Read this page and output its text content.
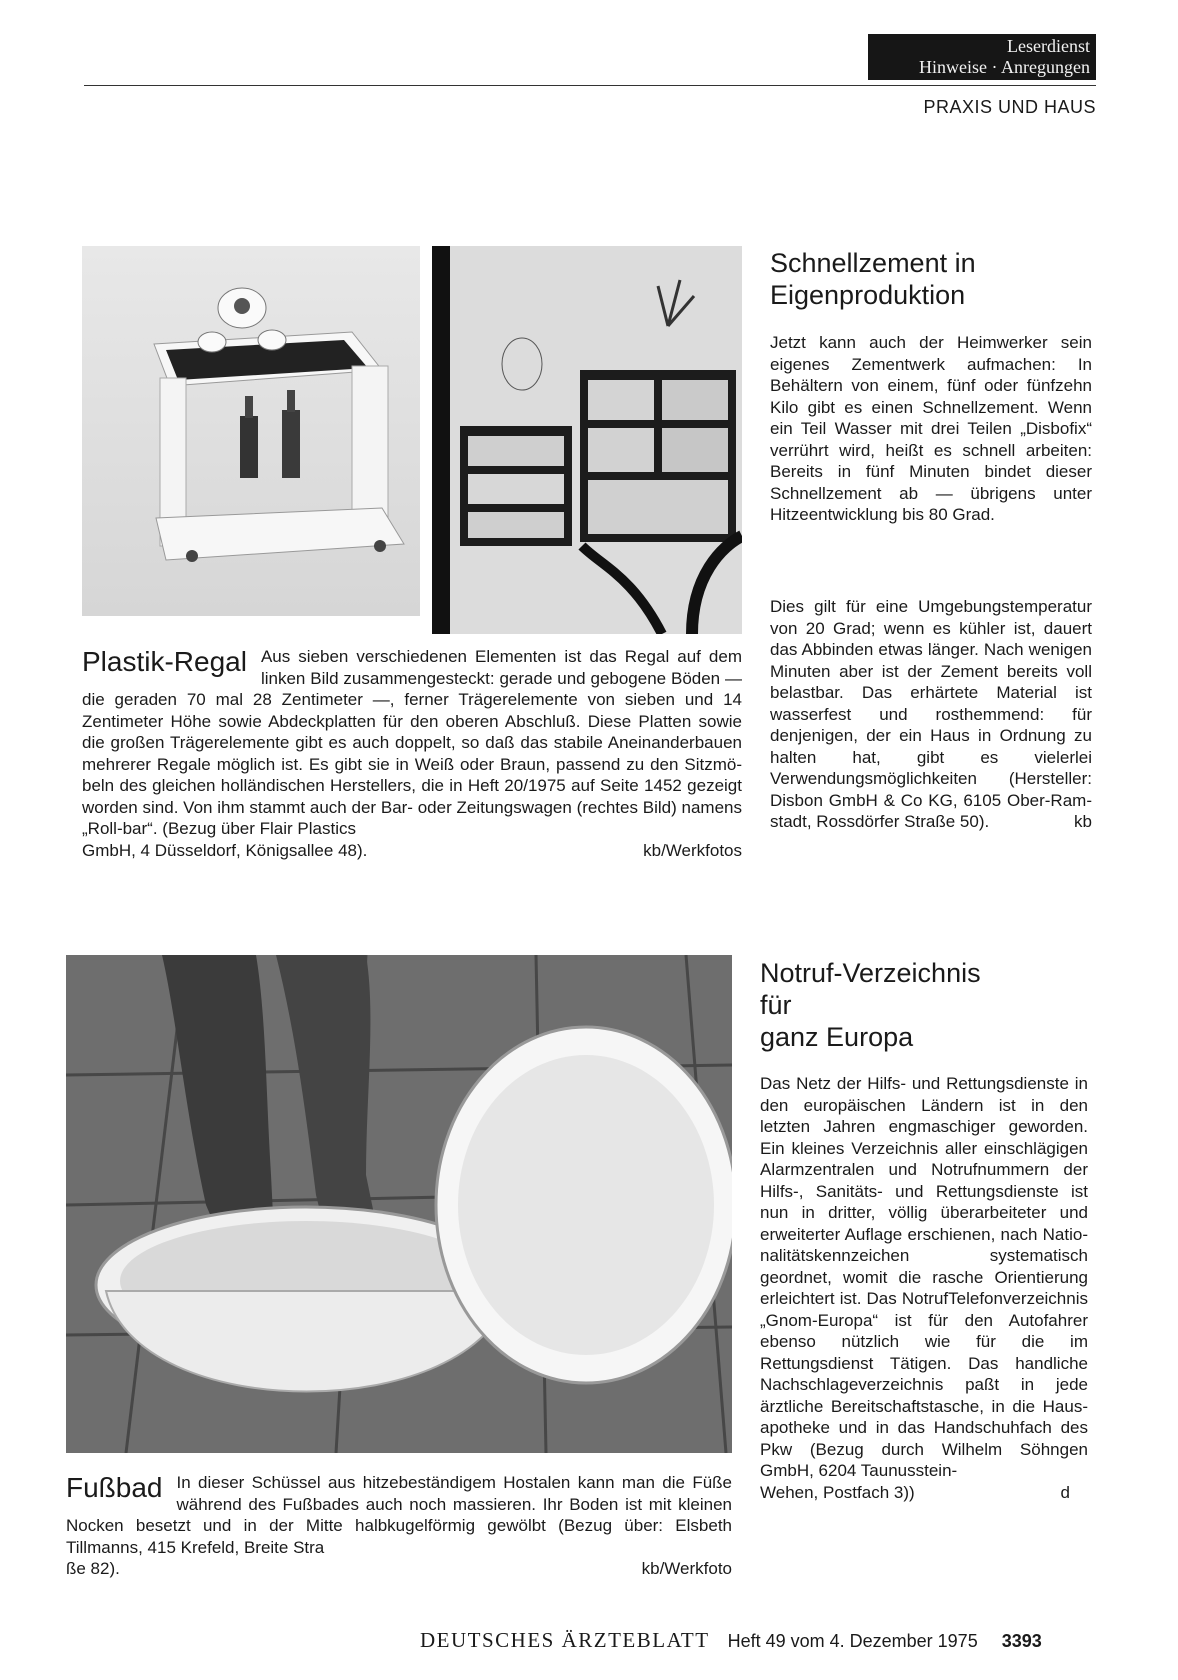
Leserdienst
Hinweise · Anregungen
PRAXIS UND HAUS
Schnellzement in
Eigenproduktion

Jetzt kann auch der Heimwerker sein eigenes Zementwerk aufmachen: In Behältern von einem, fünf oder fünfzehn Kilo gibt es einen Schnellzement. Wenn ein Teil Wasser mit drei Teilen „Disbofix“ verrührt wird, heißt es schnell arbeiten: Bereits in fünf Minuten bindet dieser Schnellzement ab — übrigens unter Hitzeentwicklung bis 80 Grad.

Dies gilt für eine Umgebungstemperatur von 20 Grad; wenn es kühler ist, dauert das Abbinden etwas länger. Nach wenigen Minuten aber ist der Zement bereits voll belastbar. Das erhärtete Material ist wasserfest und rosthemmend: für denjenigen, der ein Haus in Ordnung zu halten hat, gibt es vielerlei Verwendungsmöglichkeiten (Hersteller: Disbon GmbH & Co KG, 6105 Ober-Ramstadt, Rossdörfer Straße 50).	kb

Plastik-Regal Aus sieben verschiedenen Elementen ist das Regal auf dem linken Bild zusammengesteckt: gerade und gebogene Böden — die geraden 70 mal 28 Zentimeter —, ferner Trägerelemente von sieben und 14 Zentimeter Höhe sowie Abdeckplatten für den oberen Abschluß. Diese Platten sowie die großen Trägerelemente gibt es auch doppelt, so daß das stabile Aneinanderbauen mehrerer Regale möglich ist. Es gibt sie in Weiß oder Braun, passend zu den Sitzmöbeln des gleichen holländischen Herstellers, die in Heft 20/1975 auf Seite 1452 gezeigt worden sind. Von ihm stammt auch der Bar- oder Zeitungswagen (rechtes Bild) namens „Roll-bar“. (Bezug über Flair Plastics
GmbH, 4 Düsseldorf, Königsallee 48).	kb/Werkfotos
Notruf-Verzeichnis
für
ganz Europa

Das Netz der Hilfs- und Rettungsdienste in den europäischen Ländern ist in den letzten Jahren engmaschiger geworden. Ein kleines Verzeichnis aller einschlägigen Alarmzentralen und Notrufnummern der Hilfs-, Sanitäts- und Rettungsdienste ist nun in dritter, völlig überarbeiteter und erweiterter Auflage erschienen, nach Nationalitätskennzeichen systematisch geordnet, womit die rasche Orientierung erleichtert ist. Das NotrufTelefonverzeichnis „Gnom-Europa“ ist für den Autofahrer ebenso nützlich wie für die im Rettungsdienst Tätigen. Das handliche Nachschlageverzeichnis paßt in jede ärztliche Bereitschaftstasche, in die Hausapotheke und in das Handschuhfach des Pkw (Bezug durch Wilhelm Söhngen GmbH, 6204 Taunusstein-

Wehen, Postfach 3))	d
Fußbad In dieser Schüssel aus hitzebeständigem Hostalen kann man die Füße während des Fußbades auch noch massieren. Ihr Boden ist mit kleinen Nocken besetzt und in der Mitte halbkugelförmig gewölbt (Bezug über: Elsbeth Tillmanns, 415 Krefeld, Breite Stra
ße 82).	kb/Werkfoto
DEUTSCHES ÄRZTEBLATT Heft 49 vom 4. Dezember 1975 3393
